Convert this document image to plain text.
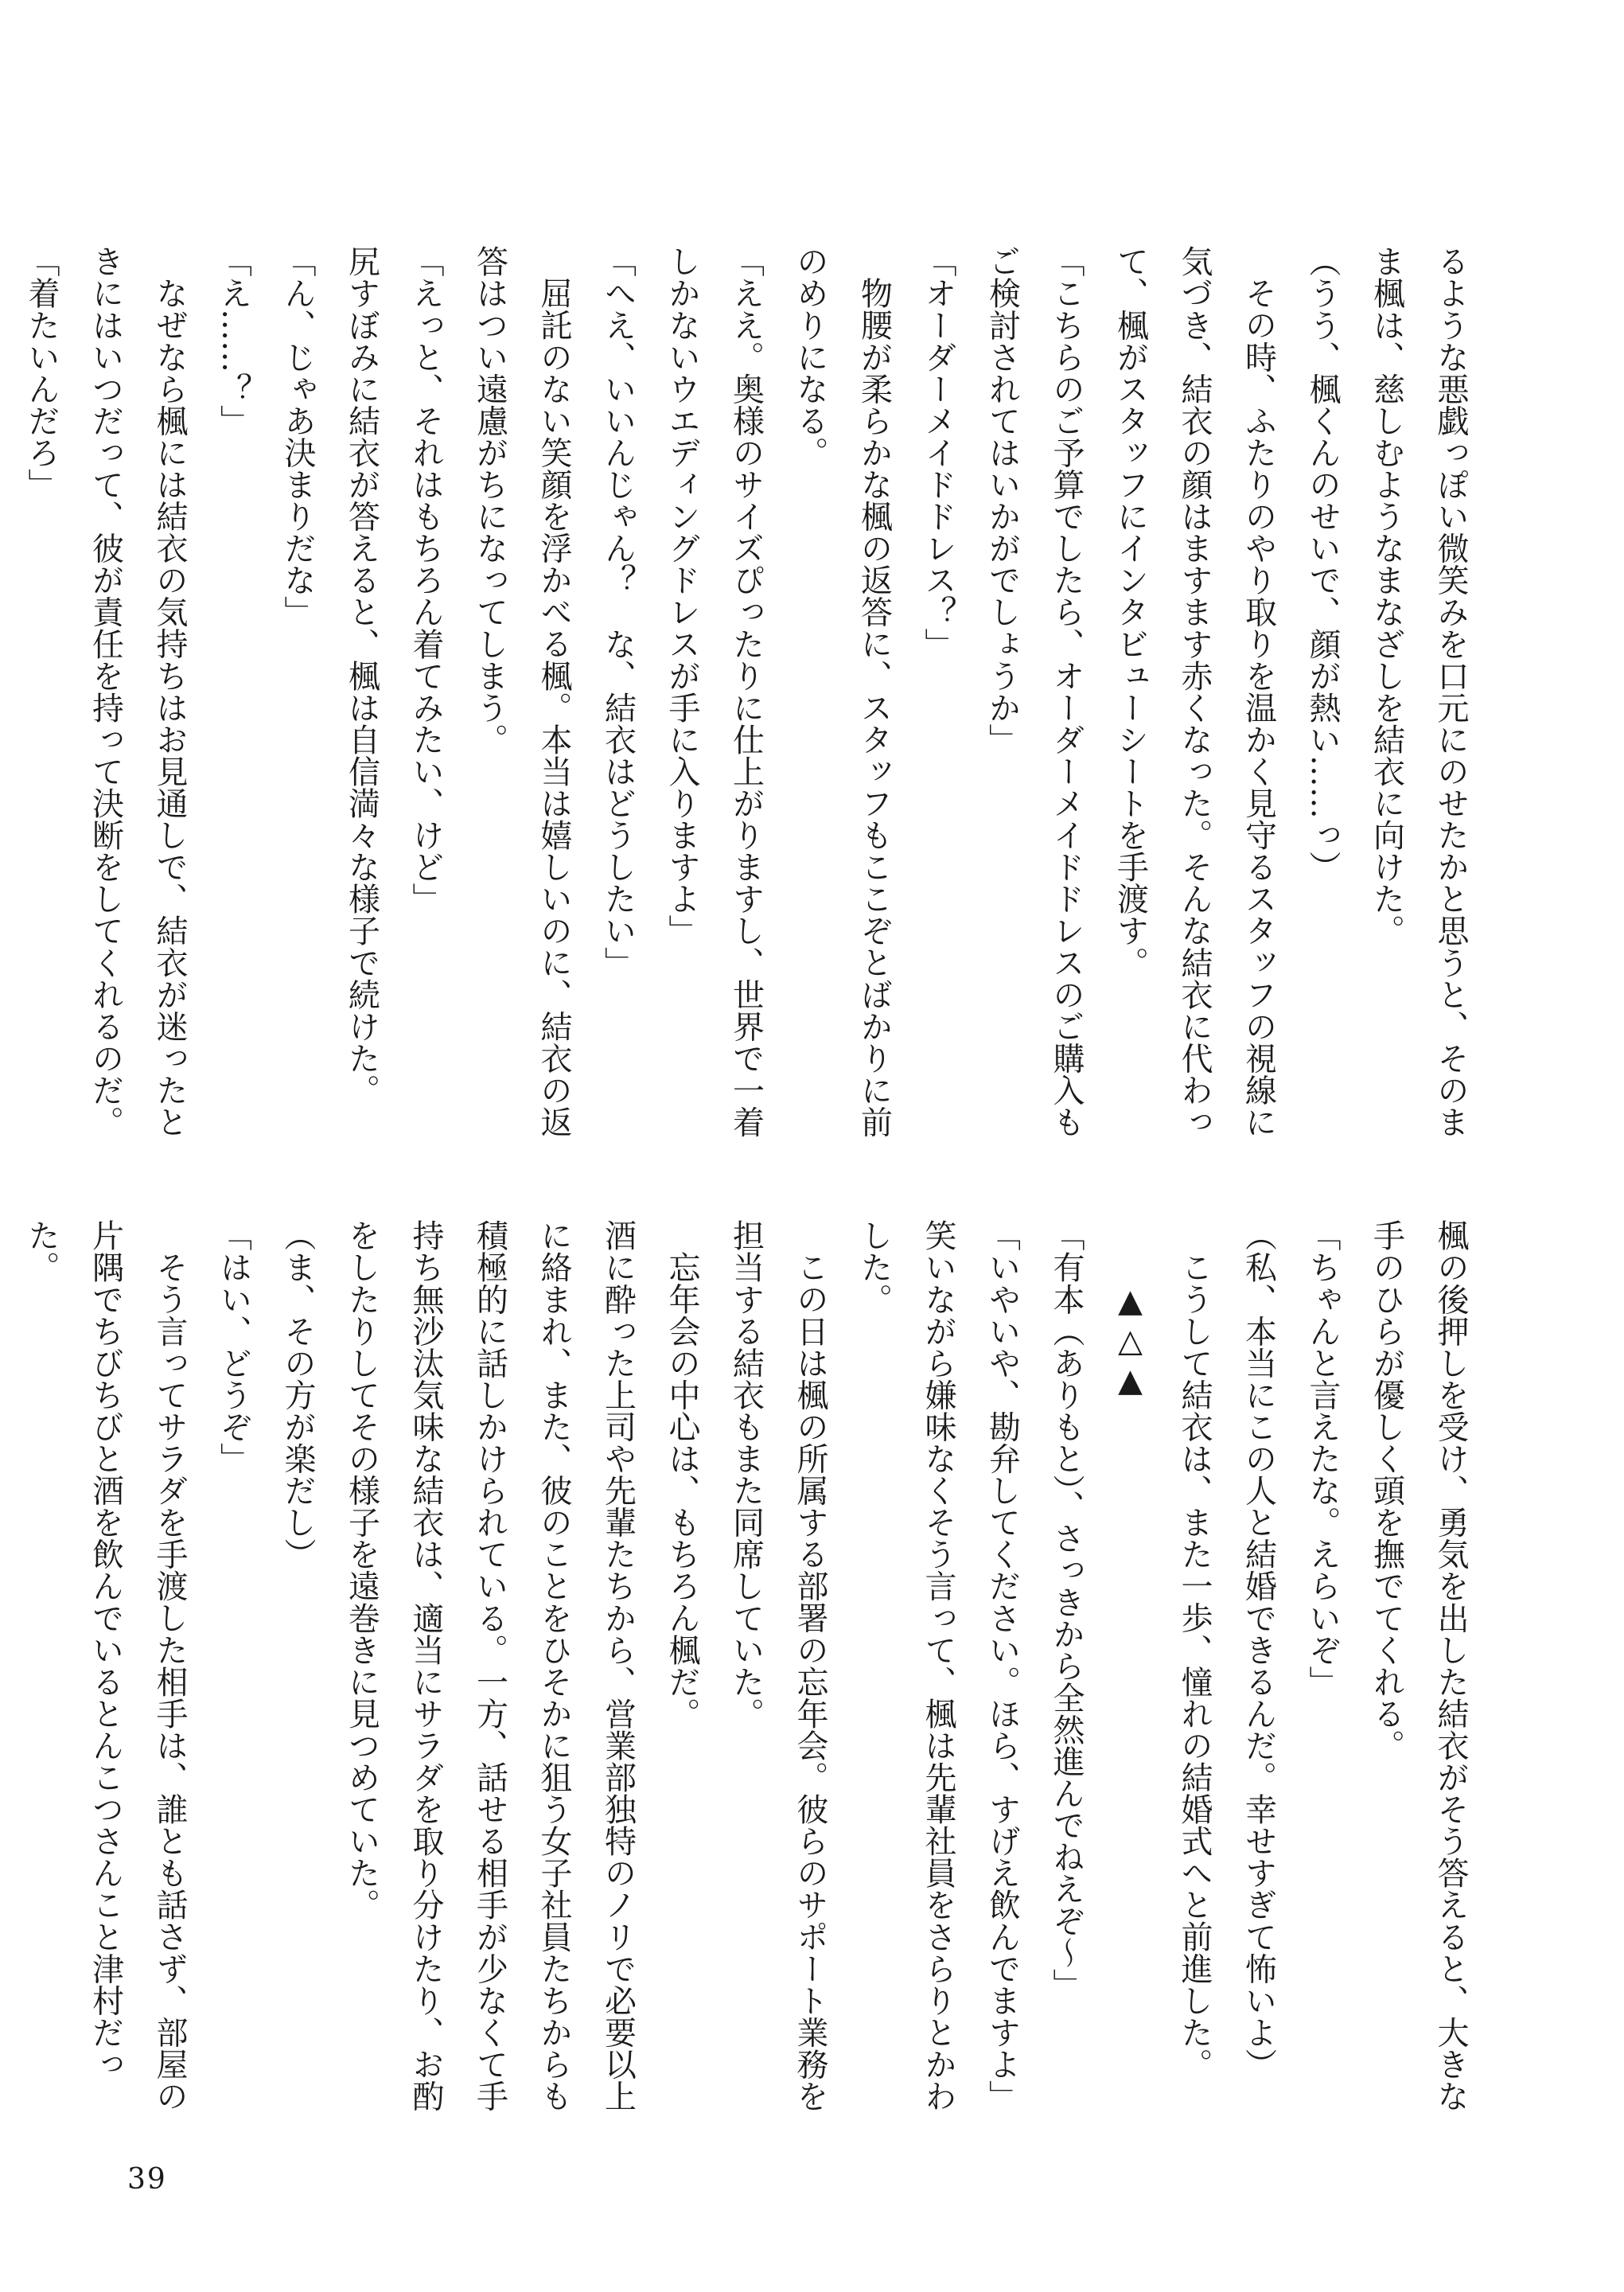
るような悪戯っぽい微笑みを口元にのせたかと思うと、そのまま楓は、慈しむようなまなざしを結衣に向けた。

（うう、楓くんのせいで、顔が熱い……っ）

その時、ふたりのやり取りを温かく見守るスタッフの視線に気づき、結衣の顔はますます赤くなった。そんな結衣に代わって、楓がスタッフにインタビューシートを手渡す。

「こちらのご予算でしたら、オーダーメイドドレスのご購入もご検討されてはいかがでしょうか」

「オーダーメイドドレス？」

物腰が柔らかな楓の返答に、スタッフもここぞとばかりに前のめりになる。

「ええ。奥様のサイズぴったりに仕上がりますし、世界で一着しかないウエディングドレスが手に入りますよ」

「へえ、いいんじゃん？　な、結衣はどうしたい」

屈託のない笑顔を浮かべる楓。本当は嬉しいのに、結衣の返答はつい遠慮がちになってしまう。

「えっと、それはもちろん着てみたい、けど」

尻すぼみに結衣が答えると、楓は自信満々な様子で続けた。

「ん、じゃあ決まりだな」

「え……？」

なぜなら楓には結衣の気持ちはお見通しで、結衣が迷ったときにはいつだって、彼が責任を持って決断をしてくれるのだ。

「着たいんだろ」

楓の後押しを受け、勇気を出した結衣がそう答えると、大きな手のひらが優しく頭を撫でてくれる。

「ちゃんと言えたな。えらいぞ」

（私、本当にこの人と結婚できるんだ。幸せすぎて怖いよ）

こうして結衣は、また一歩、憧れの結婚式へと前進した。

▲△▲

「有本（ありもと）、さっきから全然進んでねえぞ～」

「いやいや、勘弁してください。ほら、すげえ飲んでますよ」

笑いながら嫌味なくそう言って、楓は先輩社員をさらりとかわした。

この日は楓の所属する部署の忘年会。彼らのサポート業務を担当する結衣もまた同席していた。

忘年会の中心は、もちろん楓だ。

酒に酔った上司や先輩たちから、営業部独特のノリで必要以上に絡まれ、また、彼のことをひそかに狙う女子社員たちからも積極的に話しかけられている。一方、話せる相手が少なくて手持ち無沙汰気味な結衣は、適当にサラダを取り分けたり、お酌をしたりしてその様子を遠巻きに見つめていた。

（ま、その方が楽だし）

「はい、どうぞ」

そう言ってサラダを手渡した相手は、誰とも話さず、部屋の片隅でちびちびと酒を飲んでいるとんこつさんこと津村だった。

39
